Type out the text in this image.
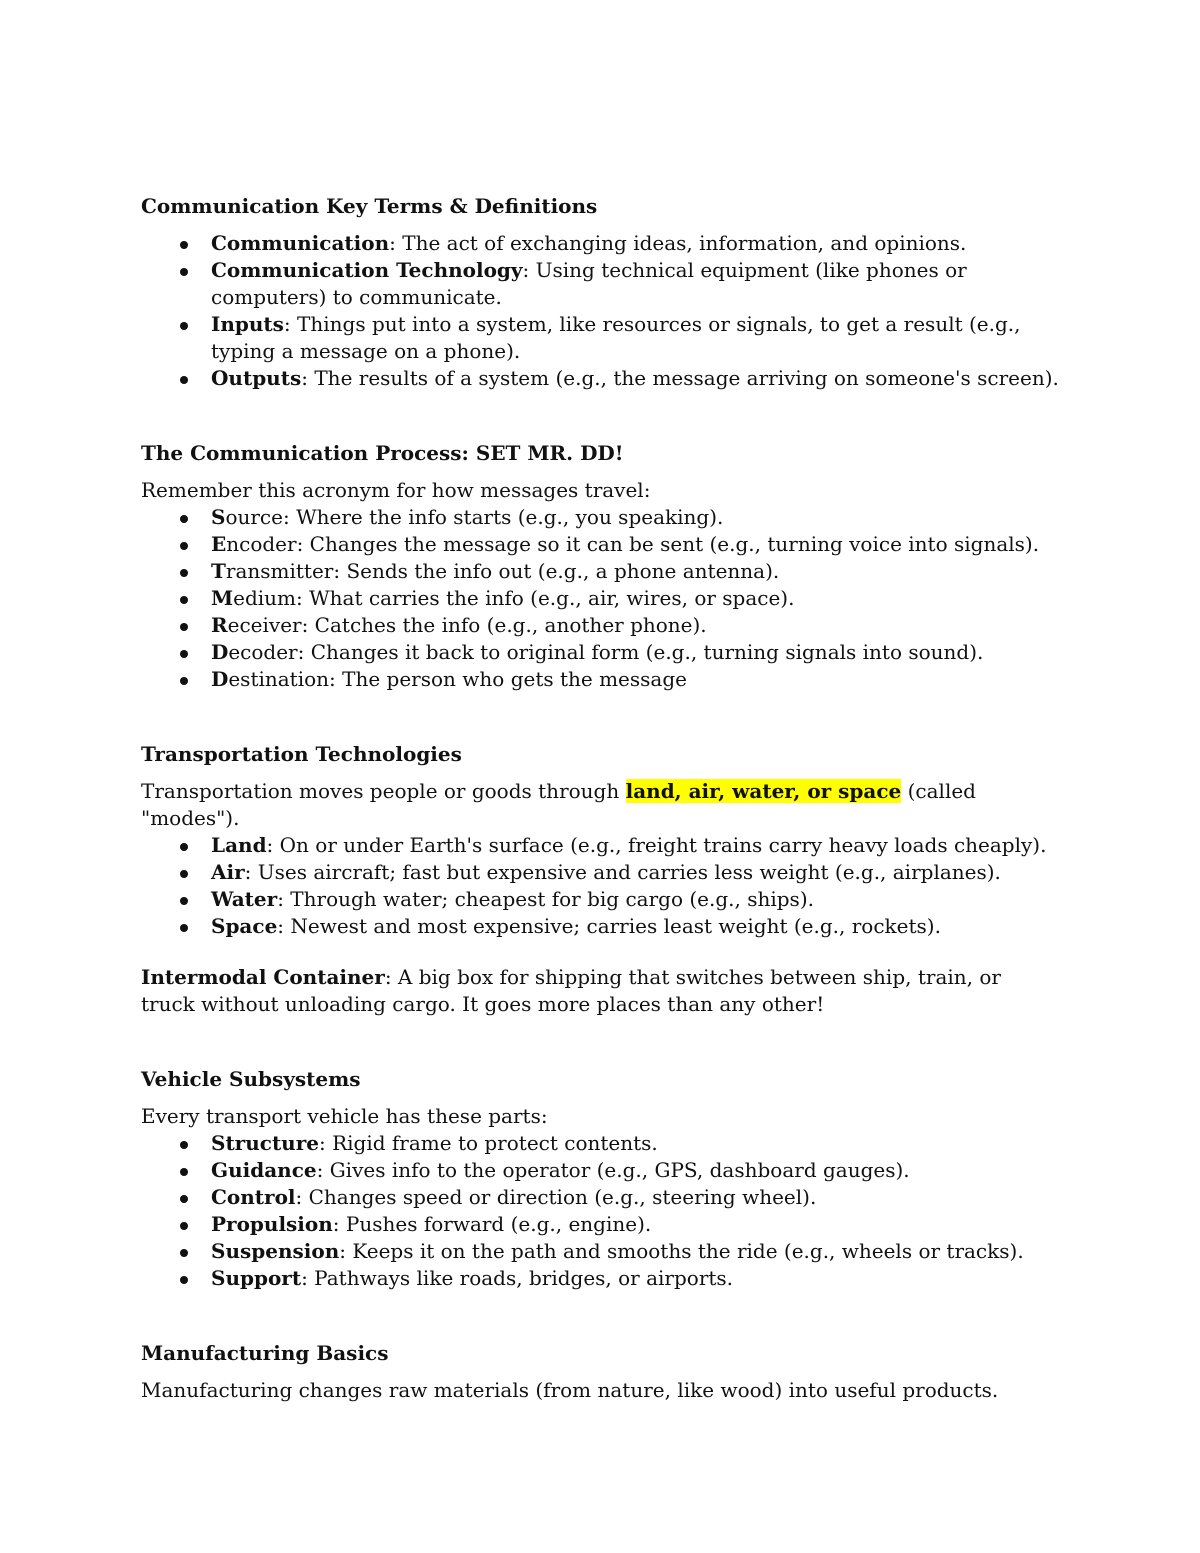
Communication Key Terms & Definitions
Communication: The act of exchanging ideas, information, and opinions.
Communication Technology: Using technical equipment (like phones or computers) to communicate.
Inputs: Things put into a system, like resources or signals, to get a result (e.g., typing a message on a phone).
Outputs: The results of a system (e.g., the message arriving on someone's screen).
The Communication Process: SET MR. DD!

Remember this acronym for how messages travel:

Source: Where the info starts (e.g., you speaking).
Encoder: Changes the message so it can be sent (e.g., turning voice into signals).
Transmitter: Sends the info out (e.g., a phone antenna).
Medium: What carries the info (e.g., air, wires, or space).
Receiver: Catches the info (e.g., another phone).
Decoder: Changes it back to original form (e.g., turning signals into sound).
Destination: The person who gets the message
Transportation Technologies

Transportation moves people or goods through land, air, water, or space (called "modes").

Land: On or under Earth's surface (e.g., freight trains carry heavy loads cheaply).
Air: Uses aircraft; fast but expensive and carries less weight (e.g., airplanes).
Water: Through water; cheapest for big cargo (e.g., ships).
Space: Newest and most expensive; carries least weight (e.g., rockets).

Intermodal Container: A big box for shipping that switches between ship, train, or truck without unloading cargo. It goes more places than any other!

Vehicle Subsystems

Every transport vehicle has these parts:

Structure: Rigid frame to protect contents.
Guidance: Gives info to the operator (e.g., GPS, dashboard gauges).
Control: Changes speed or direction (e.g., steering wheel).
Propulsion: Pushes forward (e.g., engine).
Suspension: Keeps it on the path and smooths the ride (e.g., wheels or tracks).
Support: Pathways like roads, bridges, or airports.
Manufacturing Basics

Manufacturing changes raw materials (from nature, like wood) into useful products.
